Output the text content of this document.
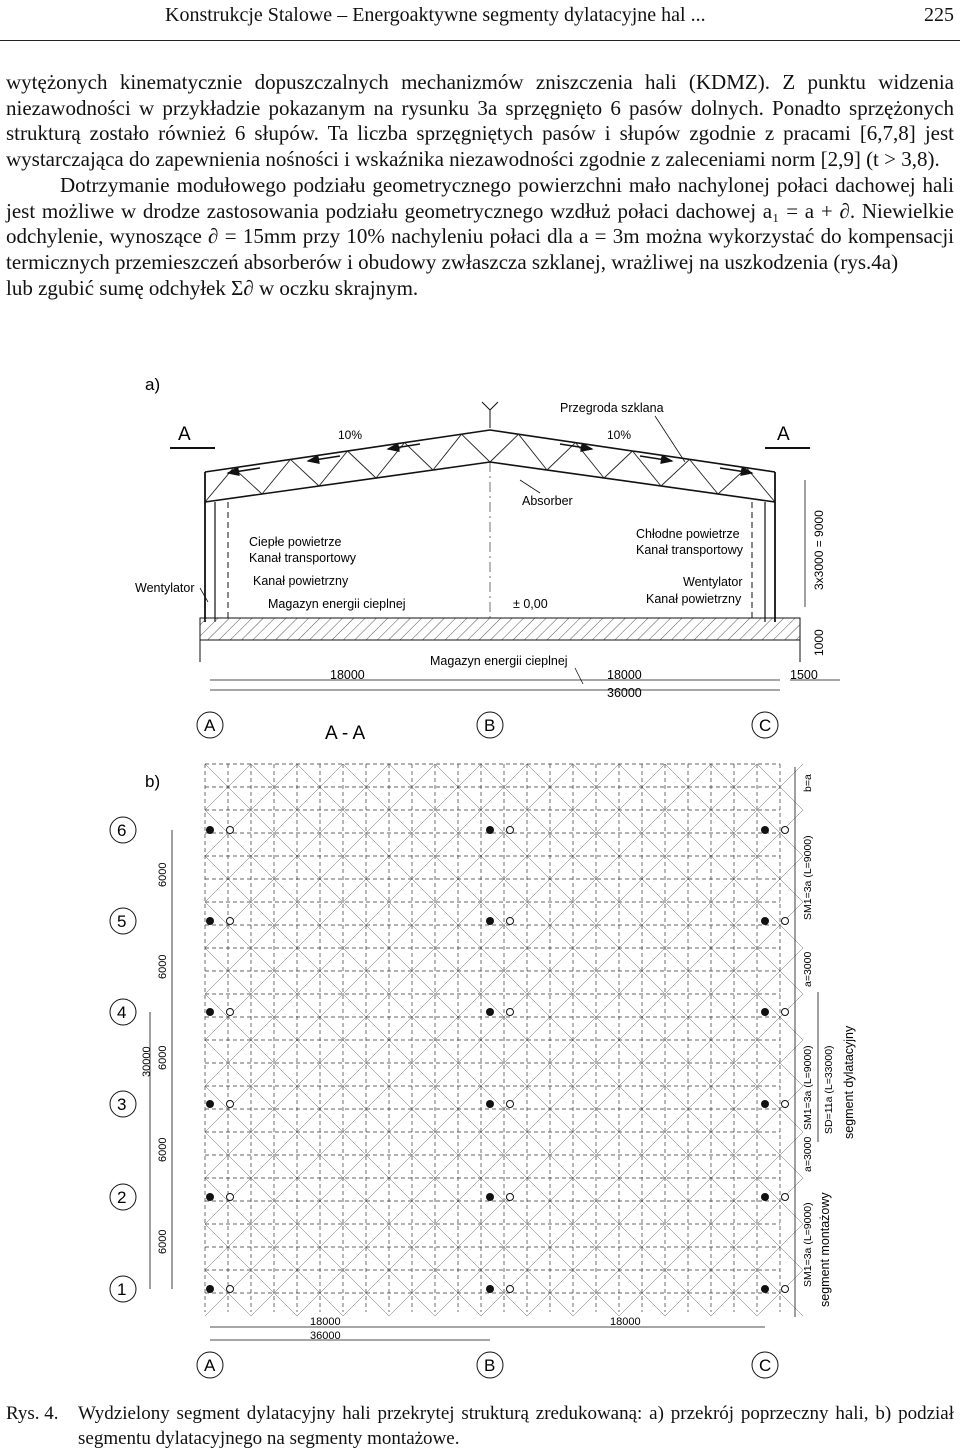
Konstrukcje Stalowe – Energoaktywne segmenty dylatacyjne hal ...	225

wytężonych kinematycznie dopuszczalnych mechanizmów zniszczenia hali (KDMZ). Z punktu widzenia niezawodności w przykładzie pokazanym na rysunku 3a sprzęgnięto 6 pasów dolnych. Ponadto sprzężonych strukturą zostało również 6 słupów. Ta liczba sprzęgniętych pasów i słupów zgodnie z pracami [6,7,8] jest wystarczająca do zapewnienia nośności i wskaźnika niezawodności zgodnie z zaleceniami norm [2,9] (t > 3,8).

Dotrzymanie modułowego podziału geometrycznego powierzchni mało nachylonej połaci dachowej hali jest możliwe w drodze zastosowania podziału geometrycznego wzdłuż połaci dachowej a₁ = a + ∂. Niewielkie odchylenie, wynoszące ∂ = 15mm przy 10% nachyleniu połaci dla a = 3m można wykorzystać do kompensacji termicznych przemieszczeń absorberów i obudowy zwłaszcza szklanej, wrażliwej na uszkodzenia (rys.4a)

lub zgubić sumę odchyłek Σ∂ w oczku skrajnym.

a)
A	A
10%	10%
Przegroda szklana
Absorber
Ciepłe powietrze
Kanał transportowy
Chłodne powietrze
Kanał transportowy
Wentylator	Kanał powietrzny
Magazyn energii cieplnej	± 0,00
Wentylator
Kanał powietrzny
3x3000 = 9000
1000
Magazyn energii cieplnej
18000	18000
36000
1500
A	B	C
A - A
b)
6
5
4
3
2
1
6000
6000
6000
6000
6000
30000
b=a
SM1=3a (L=9000)
a=3000
SM1=3a (L=9000) SD=11a (L=33000) segment dylatacyjny
a=3000
SM1=3a (L=9000) segment montażowy
18000	18000
36000
A	B	C
Rys. 4. Wydzielony segment dylatacyjny hali przekrytej strukturą zredukowaną: a) przekrój poprzeczny hali, b) podział segmentu dylatacyjnego na segmenty montażowe.
